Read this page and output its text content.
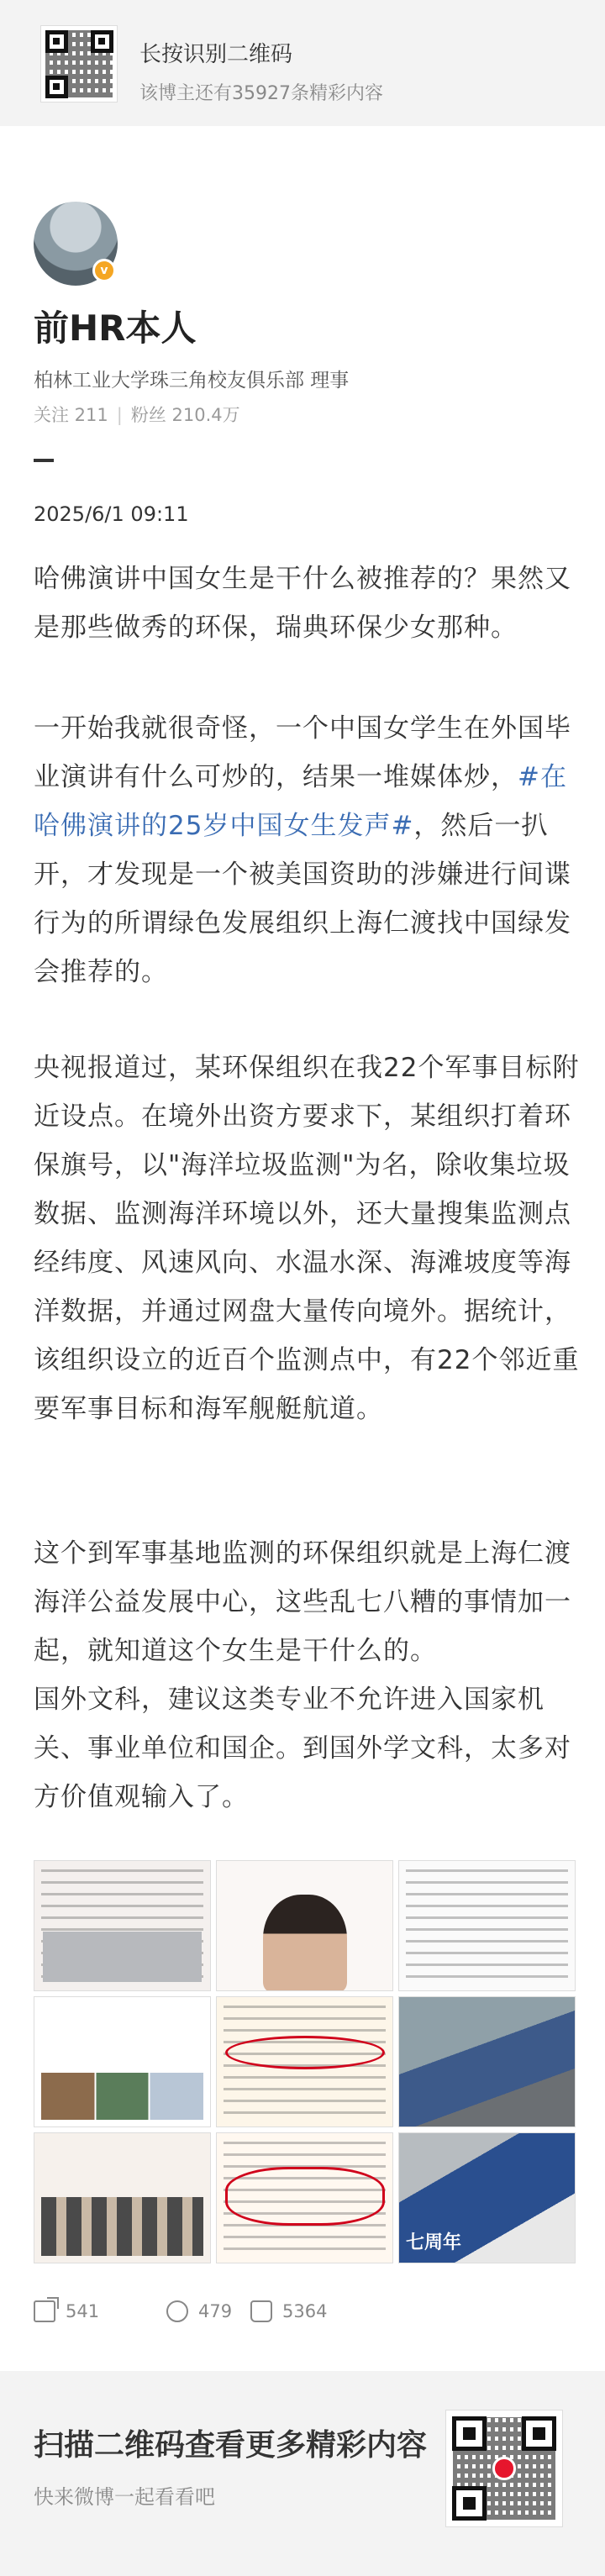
长按识别二维码
该博主还有35927条精彩内容
v
前HR本人
柏林工业大学珠三角校友俱乐部 理事
关注 211 | 粉丝 210.4万
2025/6/1 09:11
哈佛演讲中国女生是干什么被推荐的？果然又是那些做秀的环保，瑞典环保少女那种。
一开始我就很奇怪，一个中国女学生在外国毕业演讲有什么可炒的，结果一堆媒体炒，#在哈佛演讲的25岁中国女生发声#，然后一扒开，才发现是一个被美国资助的涉嫌进行间谍行为的所谓绿色发展组织上海仁渡找中国绿发会推荐的。
央视报道过，某环保组织在我22个军事目标附近设点。在境外出资方要求下，某组织打着环保旗号，以"海洋垃圾监测"为名，除收集垃圾数据、监测海洋环境以外，还大量搜集监测点经纬度、风速风向、水温水深、海滩坡度等海洋数据，并通过网盘大量传向境外。据统计，该组织设立的近百个监测点中，有22个邻近重要军事目标和海军舰艇航道。
这个到军事基地监测的环保组织就是上海仁渡海洋公益发展中心，这些乱七八糟的事情加一起，就知道这个女生是干什么的。
国外文科，建议这类专业不允许进入国家机关、事业单位和国企。到国外学文科，太多对方价值观输入了。
七周年
541	479	5364
扫描二维码查看更多精彩内容
快来微博一起看看吧
